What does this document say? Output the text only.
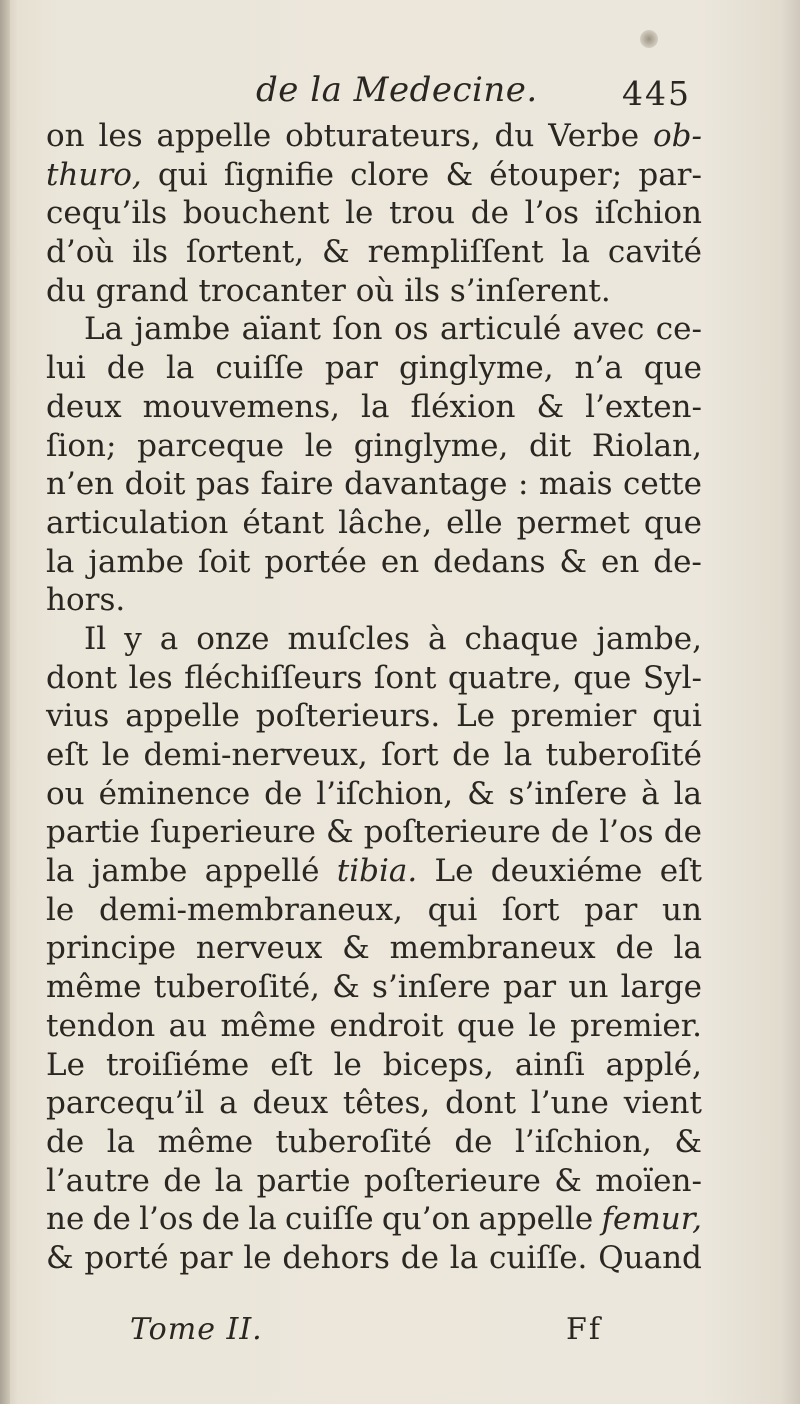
de la Medecine.	445
on les appelle obturateurs, du Verbe ob-
thuro, qui ſignifie clore & étouper; par-
cequ’ils bouchent le trou de l’os iſchion
d’où ils ſortent, & rempliſſent la cavité
du
grand
trocanter
où
ils
s’inſerent.
La jambe aïant ſon os articulé avec ce-
lui de la cuiſſe par ginglyme, n’a que
deux mouvemens, la fléxion & l’exten-
ſion; parceque le ginglyme, dit Riolan,
n’en doit pas faire davantage : mais cette
articulation étant lâche, elle permet que
la jambe ſoit portée en dedans & en de-
hors.
Il y a onze muſcles à chaque jambe,
dont les fléchiſſeurs ſont quatre, que Syl-
vius appelle poſterieurs. Le premier qui
eſt le demi-nerveux, ſort de la tuberoſité
ou éminence de l’iſchion, & s’inſere à la
partie ſuperieure & poſterieure de l’os de
la jambe appellé tibia. Le deuxiéme eſt
le demi-membraneux, qui ſort par un
principe nerveux & membraneux de la
même tuberoſité, & s’inſere par un large
tendon au même endroit que le premier.
Le troiſiéme eſt le biceps, ainſi applé,
parcequ’il a deux têtes, dont l’une vient
de la même tuberoſité de l’iſchion, &
l’autre de la partie poſterieure & moïen-
ne de l’os de la cuiſſe qu’on appelle femur,
& porté par le dehors de la cuiſſe. Quand
Tome II.	Ff
